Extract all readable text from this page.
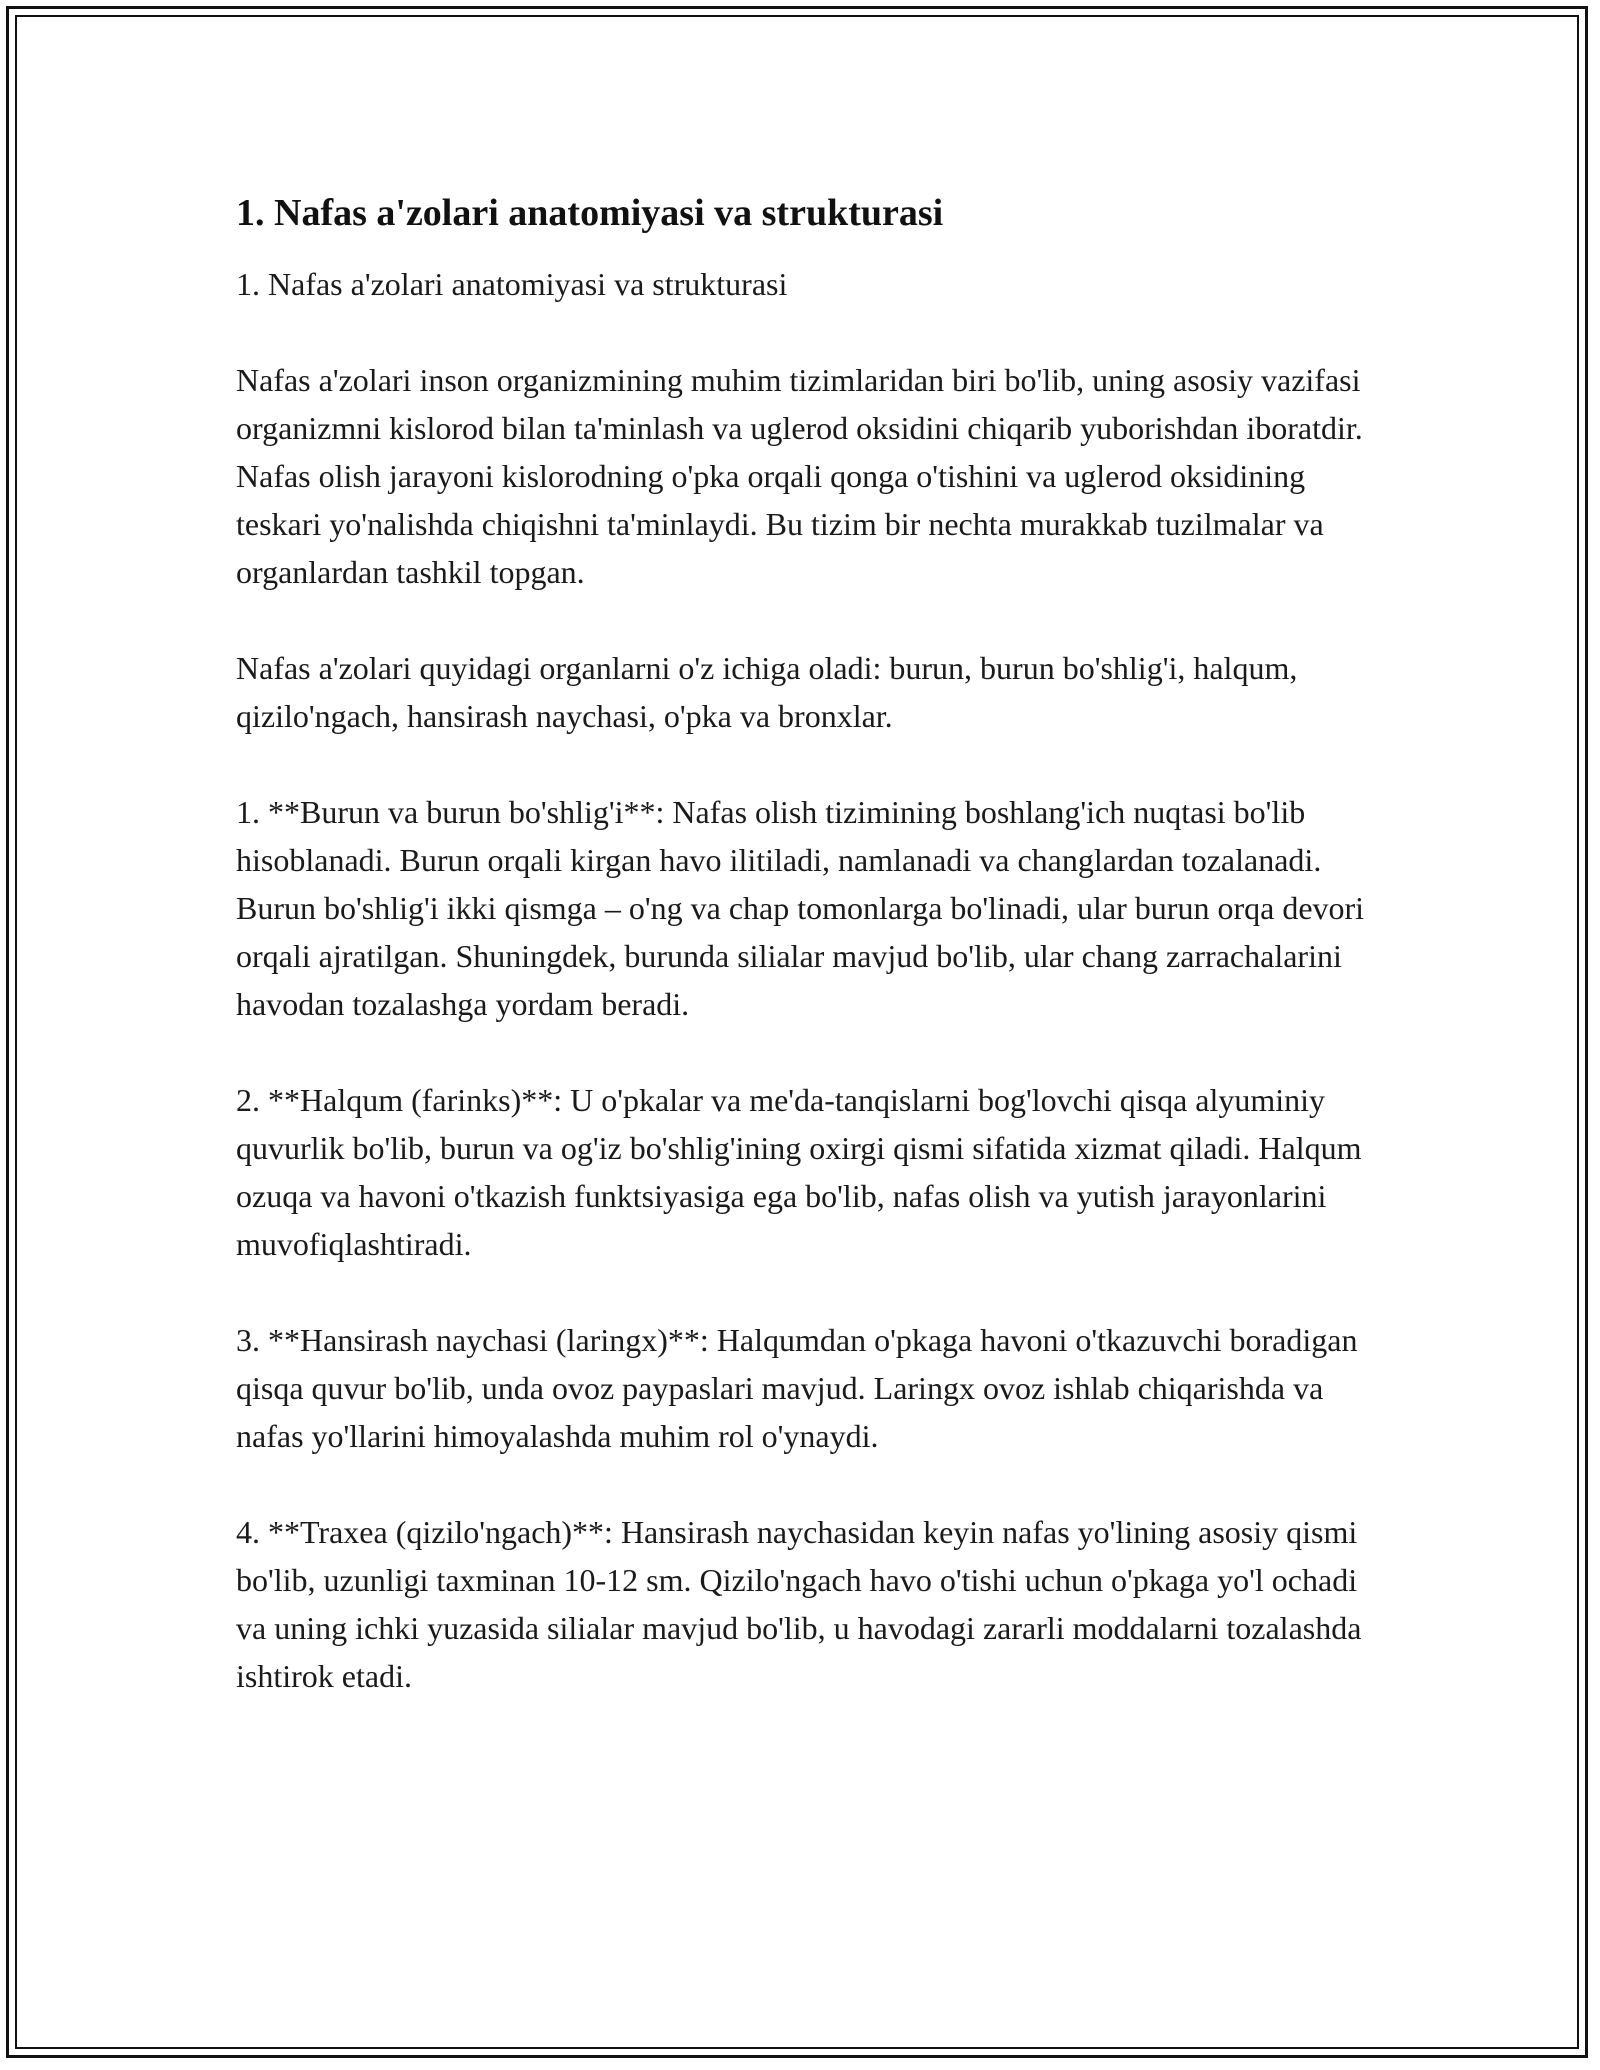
1. Nafas a'zolari anatomiyasi va strukturasi

1. Nafas a'zolari anatomiyasi va strukturasi

Nafas a'zolari inson organizmining muhim tizimlaridan biri bo'lib, uning asosiy vazifasi organizmni kislorod bilan ta'minlash va uglerod oksidini chiqarib yuborishdan iboratdir. Nafas olish jarayoni kislorodning o'pka orqali qonga o'tishini va uglerod oksidining teskari yo'nalishda chiqishni ta'minlaydi. Bu tizim bir nechta murakkab tuzilmalar va organlardan tashkil topgan.

Nafas a'zolari quyidagi organlarni o'z ichiga oladi: burun, burun bo'shlig'i, halqum, qizilo'ngach, hansirash naychasi, o'pka va bronxlar.

1. **Burun va burun bo'shlig'i**: Nafas olish tizimining boshlang'ich nuqtasi bo'lib hisoblanadi. Burun orqali kirgan havo ilitiladi, namlanadi va changlardan tozalanadi. Burun bo'shlig'i ikki qismga – o'ng va chap tomonlarga bo'linadi, ular burun orqa devori orqali ajratilgan. Shuningdek, burunda silialar mavjud bo'lib, ular chang zarrachalarini havodan tozalashga yordam beradi.

2. **Halqum (farinks)**: U o'pkalar va me'da-tanqislarni bog'lovchi qisqa alyuminiy quvurlik bo'lib, burun va og'iz bo'shlig'ining oxirgi qismi sifatida xizmat qiladi. Halqum ozuqa va havoni o'tkazish funktsiyasiga ega bo'lib, nafas olish va yutish jarayonlarini muvofiqlashtiradi.

3. **Hansirash naychasi (laringx)**: Halqumdan o'pkaga havoni o'tkazuvchi boradigan qisqa quvur bo'lib, unda ovoz paypaslari mavjud. Laringx ovoz ishlab chiqarishda va nafas yo'llarini himoyalashda muhim rol o'ynaydi.

4. **Traxea (qizilo'ngach)**: Hansirash naychasidan keyin nafas yo'lining asosiy qismi bo'lib, uzunligi taxminan 10-12 sm. Qizilo'ngach havo o'tishi uchun o'pkaga yo'l ochadi va uning ichki yuzasida silialar mavjud bo'lib, u havodagi zararli moddalarni tozalashda ishtirok etadi.
